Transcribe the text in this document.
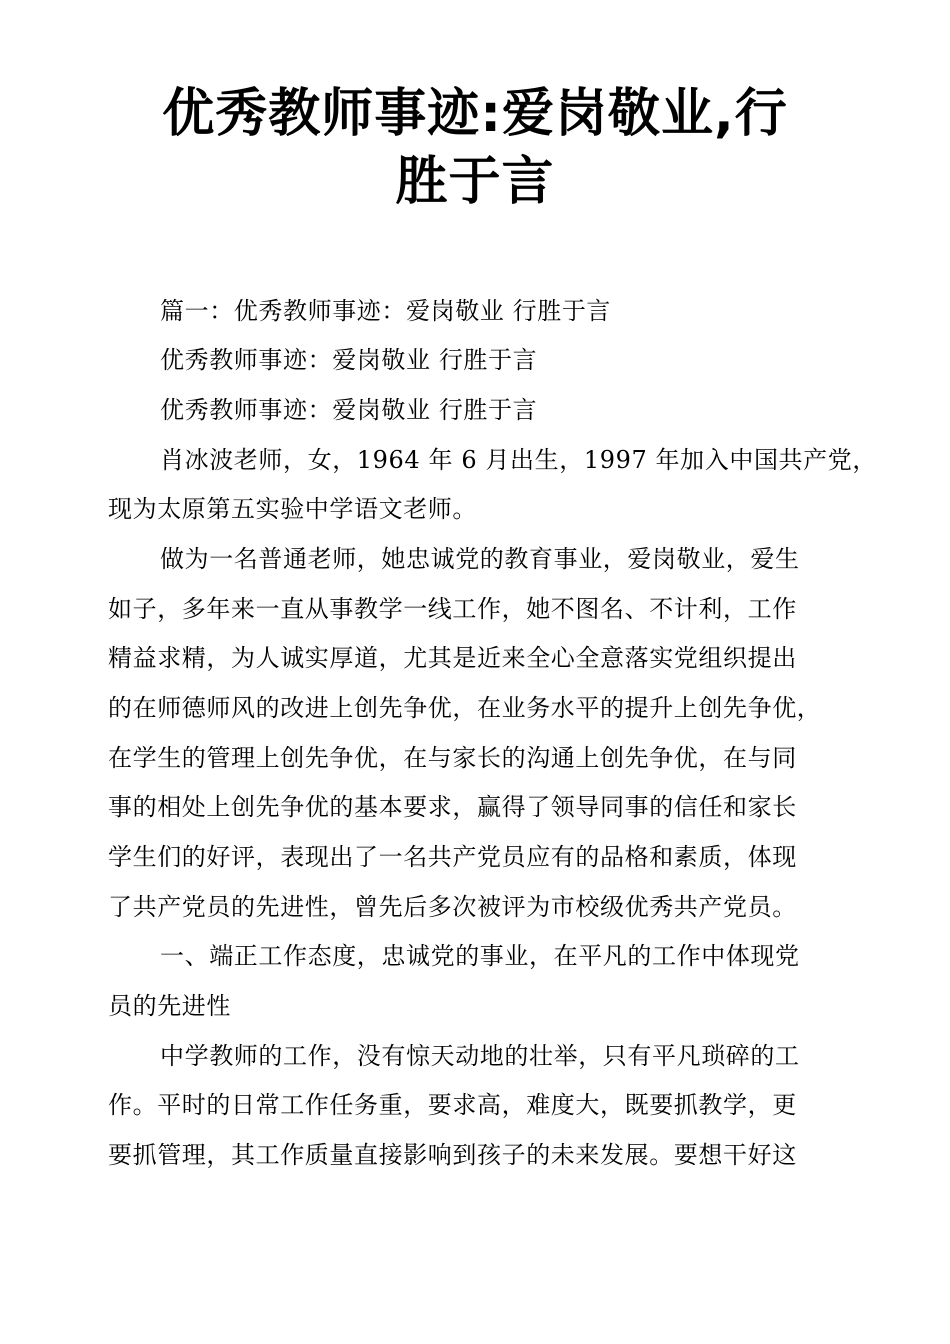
优秀教师事迹:爱岗敬业,行
胜于言
篇一：优秀教师事迹：爱岗敬业 行胜于言
优秀教师事迹：爱岗敬业 行胜于言
优秀教师事迹：爱岗敬业 行胜于言
肖冰波老师，女，1964 年 6 月出生，1997 年加入中国共产党，
现为太原第五实验中学语文老师。
做为一名普通老师，她忠诚党的教育事业，爱岗敬业，爱生
如子，多年来一直从事教学一线工作，她不图名、不计利，工作
精益求精，为人诚实厚道，尤其是近来全心全意落实党组织提出
的在师德师风的改进上创先争优，在业务水平的提升上创先争优，
在学生的管理上创先争优，在与家长的沟通上创先争优，在与同
事的相处上创先争优的基本要求，赢得了领导同事的信任和家长
学生们的好评，表现出了一名共产党员应有的品格和素质，体现
了共产党员的先进性，曾先后多次被评为市校级优秀共产党员。
一、端正工作态度，忠诚党的事业，在平凡的工作中体现党
员的先进性
中学教师的工作，没有惊天动地的壮举，只有平凡琐碎的工
作。平时的日常工作任务重，要求高，难度大，既要抓教学，更
要抓管理，其工作质量直接影响到孩子的未来发展。要想干好这
